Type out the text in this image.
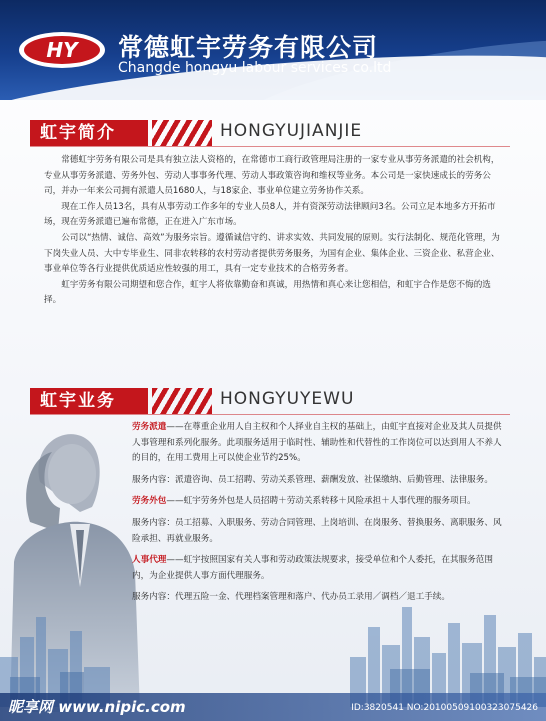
HY 常德虹宇劳务有限公司
Changde hongyu labour services co.ltd
虹宇简介	HONGYUJIANJIE

常德虹宇劳务有限公司是具有独立法人资格的，在常德市工商行政管理局注册的一家专业从事劳务派遣的社会机构，专业从事劳务派遣、劳务外包、劳动人事事务代理、劳动人事政策咨询和维权等业务。本公司是一家快速成长的劳务公司，并办一年来公司拥有派遣人员1680人，与18家企、事业单位建立劳务协作关系。

现在工作人员13名，具有从事劳动工作多年的专业人员8人，并有资深劳动法律顾问3名。公司立足本地多方开拓市场，现在劳务派遣已遍布常德，正在进入广东市场。

公司以“热情、诚信、高效”为服务宗旨。遵循诚信守约、讲求实效、共同发展的原则。实行法制化、规范化管理，为下岗失业人员、大中专毕业生、同非农转移的农村劳动者提供劳务服务，为国有企业、集体企业、三资企业、私营企业、事业单位等各行业提供优质适应性较强的用工，具有一定专业技术的合格劳务者。

虹宇劳务有限公司期望和您合作，虹宇人将依靠勤奋和真诚，用热情和真心来让您相信，和虹宇合作是您不悔的选择。

虹宇业务	HONGYUYEWU

劳务派遣——在尊重企业用人自主权和个人择业自主权的基础上，由虹宇直接对企业及其人员提供人事管理和系列化服务。此项服务适用于临时性、辅助性和代替性的工作岗位可以达到用人不养人的目的，在用工费用上可以使企业节约25%。

服务内容：派遣咨询、员工招聘、劳动关系管理、薪酬发放、社保缴纳、后勤管理、法律服务。

劳务外包——虹宇劳务外包是人员招聘＋劳动关系转移＋风险承担＋人事代理的服务项目。

服务内容：员工招募、入职服务、劳动合同管理、上岗培训、在岗服务、替换服务、离职服务、风险承担、再就业服务。

人事代理——虹宇按照国家有关人事和劳动政策法规要求，接受单位和个人委托，在其服务范围内，为企业提供人事方面代理服务。

服务内容：代理五险一金、代理档案管理和落户、代办员工录用／调档／退工手续。

昵享网 www.nipic.com	ID:3820541 NO:20100509100323075426
